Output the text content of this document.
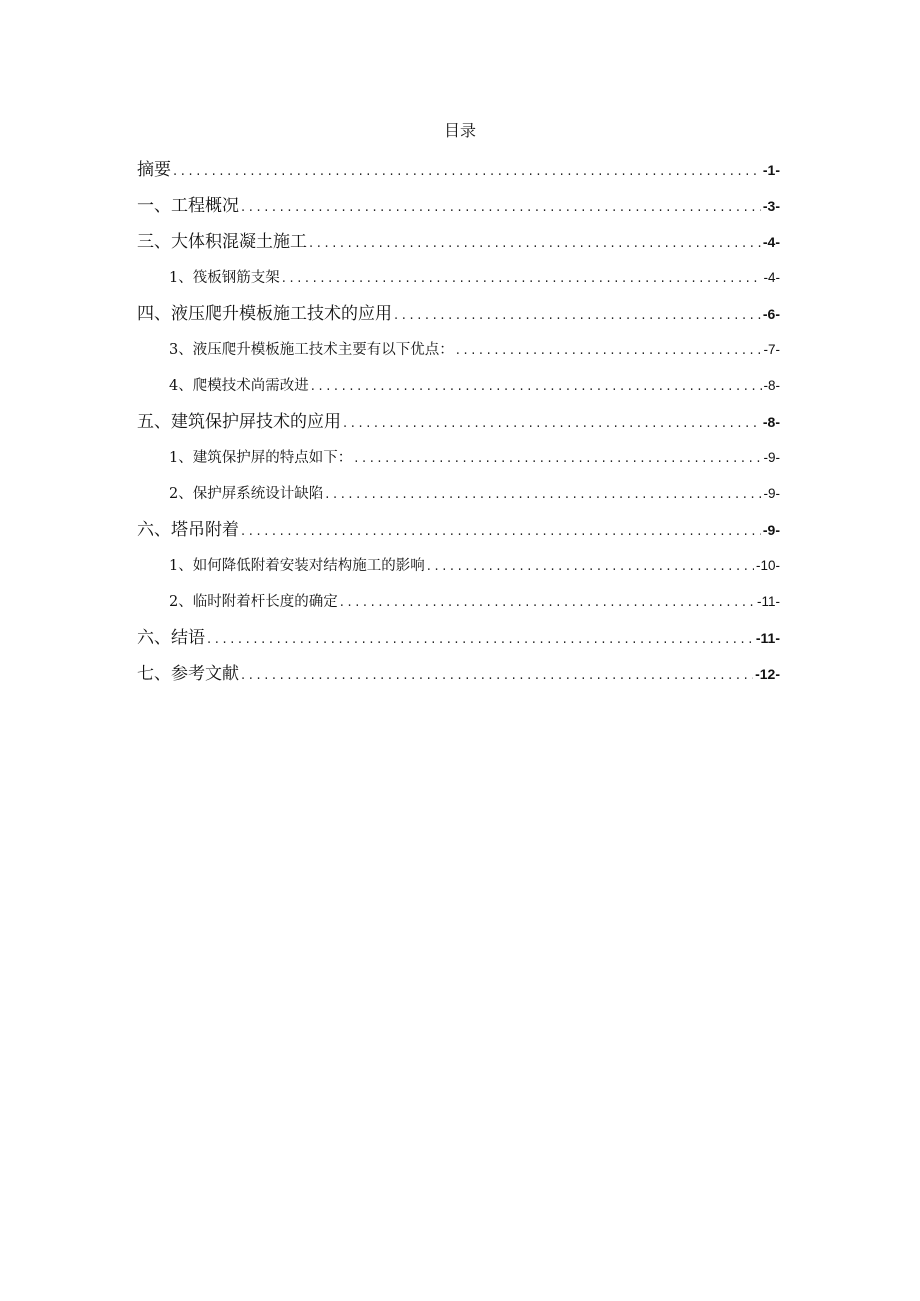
目录
摘要 .....	-1-
一、工程概况 .....	-3-
三、大体积混凝土施工 .....	-4-
1、筏板钢筋支架 .....	-4-
四、液压爬升模板施工技术的应用 .....	-6-
3、液压爬升模板施工技术主要有以下优点： .....	-7-
4、爬模技术尚需改进 .....	-8-
五、建筑保护屏技术的应用 .....	-8-
1、建筑保护屏的特点如下： .....	-9-
2、保护屏系统设计缺陷 .....	-9-
六、塔吊附着 .....	-9-
1、如何降低附着安装对结构施工的影响 .....	-10-
2、临时附着杆长度的确定 .....	-11-
六、结语 .....	-11-
七、参考文献 .....	-12-
